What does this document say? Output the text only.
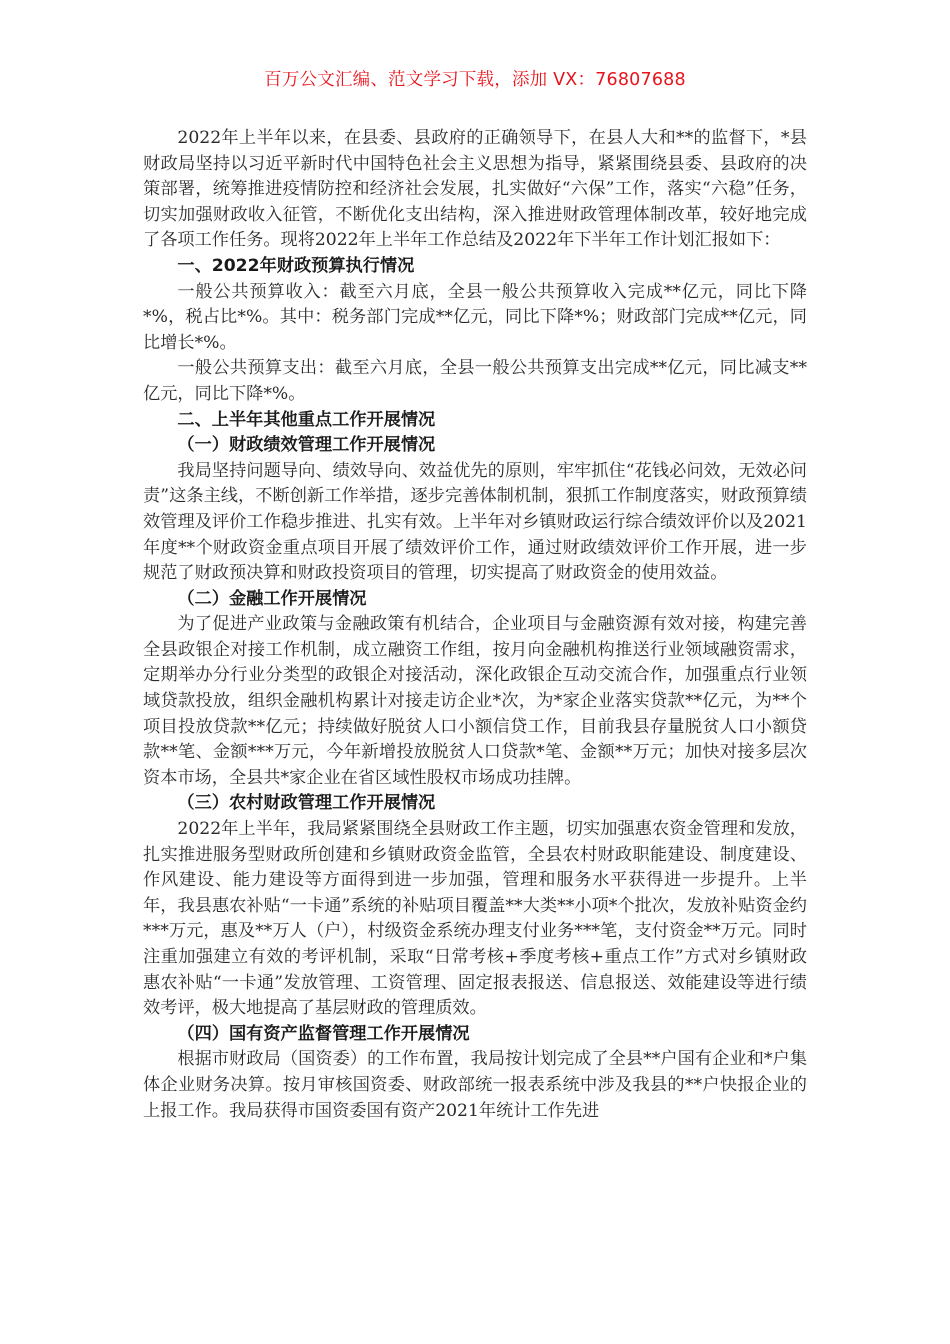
百万公文汇编、范文学习下载，添加 VX：76807688

2022年上半年以来，在县委、县政府的正确领导下，在县人大和**的监督下，*县财政局坚持以习近平新时代中国特色社会主义思想为指导，紧紧围绕县委、县政府的决策部署，统筹推进疫情防控和经济社会发展，扎实做好“六保”工作，落实“六稳”任务，切实加强财政收入征管，不断优化支出结构，深入推进财政管理体制改革，较好地完成了各项工作任务。现将2022年上半年工作总结及2022年下半年工作计划汇报如下：

一、2022年财政预算执行情况

一般公共预算收入：截至六月底，全县一般公共预算收入完成**亿元，同比下降*%，税占比*%。其中：税务部门完成**亿元，同比下降*%；财政部门完成**亿元，同比增长*%。

一般公共预算支出：截至六月底，全县一般公共预算支出完成**亿元，同比减支**亿元，同比下降*%。

二、上半年其他重点工作开展情况
（一）财政绩效管理工作开展情况

我局坚持问题导向、绩效导向、效益优先的原则，牢牢抓住“花钱必问效，无效必问责”这条主线，不断创新工作举措，逐步完善体制机制，狠抓工作制度落实，财政预算绩效管理及评价工作稳步推进、扎实有效。上半年对乡镇财政运行综合绩效评价以及2021年度**个财政资金重点项目开展了绩效评价工作，通过财政绩效评价工作开展，进一步规范了财政预决算和财政投资项目的管理，切实提高了财政资金的使用效益。

（二）金融工作开展情况

为了促进产业政策与金融政策有机结合，企业项目与金融资源有效对接，构建完善全县政银企对接工作机制，成立融资工作组，按月向金融机构推送行业领域融资需求，定期举办分行业分类型的政银企对接活动，深化政银企互动交流合作，加强重点行业领域贷款投放，组织金融机构累计对接走访企业*次，为*家企业落实贷款**亿元，为**个项目投放贷款**亿元；持续做好脱贫人口小额信贷工作，目前我县存量脱贫人口小额贷款**笔、金额***万元，今年新增投放脱贫人口贷款*笔、金额**万元；加快对接多层次资本市场，全县共*家企业在省区域性股权市场成功挂牌。

（三）农村财政管理工作开展情况

2022年上半年，我局紧紧围绕全县财政工作主题，切实加强惠农资金管理和发放，扎实推进服务型财政所创建和乡镇财政资金监管，全县农村财政职能建设、制度建设、作风建设、能力建设等方面得到进一步加强，管理和服务水平获得进一步提升。上半年，我县惠农补贴“一卡通”系统的补贴项目覆盖**大类**小项*个批次，发放补贴资金约***万元，惠及**万人（户），村级资金系统办理支付业务***笔，支付资金**万元。同时注重加强建立有效的考评机制，采取“日常考核+季度考核+重点工作”方式对乡镇财政惠农补贴“一卡通”发放管理、工资管理、固定报表报送、信息报送、效能建设等进行绩效考评，极大地提高了基层财政的管理质效。

（四）国有资产监督管理工作开展情况

根据市财政局（国资委）的工作布置，我局按计划完成了全县**户国有企业和*户集体企业财务决算。按月审核国资委、财政部统一报表系统中涉及我县的**户快报企业的上报工作。我局获得市国资委国有资产2021年统计工作先进
